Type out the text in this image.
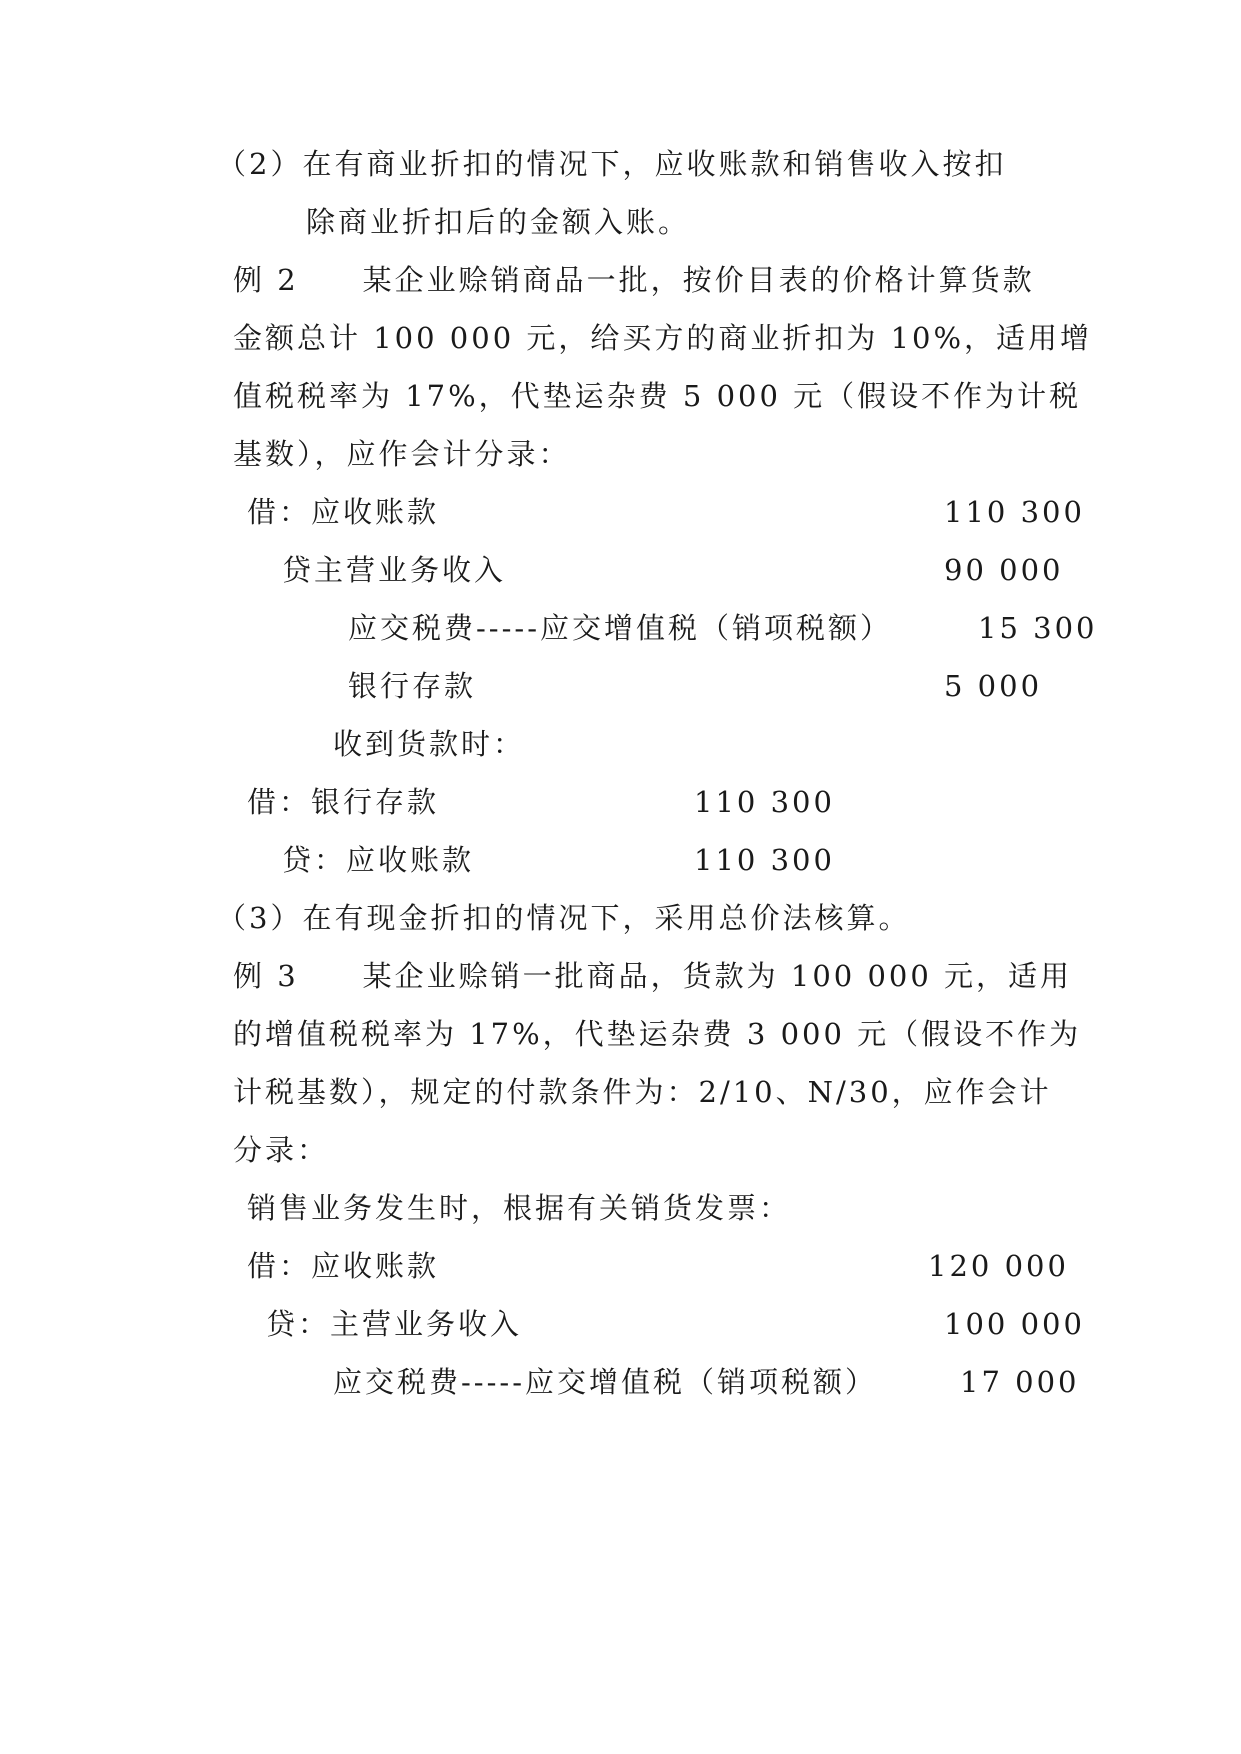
（2）在有商业折扣的情况下，应收账款和销售收入按扣
除商业折扣后的金额入账。
例 2　　某企业赊销商品一批，按价目表的价格计算货款
金额总计 100 000 元，给买方的商业折扣为 10%，适用增
值税税率为 17%，代垫运杂费 5 000 元（假设不作为计税
基数），应作会计分录：
借：应收账款	110 300
贷主营业务收入	90 000
应交税费-----应交增值税（销项税额）	15 300
银行存款	5 000
收到货款时：
借：银行存款	110 300
贷：应收账款	110 300
（3）在有现金折扣的情况下，采用总价法核算。
例 3　　某企业赊销一批商品，货款为 100 000 元，适用
的增值税税率为 17%，代垫运杂费 3 000 元（假设不作为
计税基数），规定的付款条件为：2/10、N/30，应作会计
分录：
销售业务发生时，根据有关销货发票：
借：应收账款	120 000
贷：主营业务收入	100 000
应交税费-----应交增值税（销项税额）	17 000
